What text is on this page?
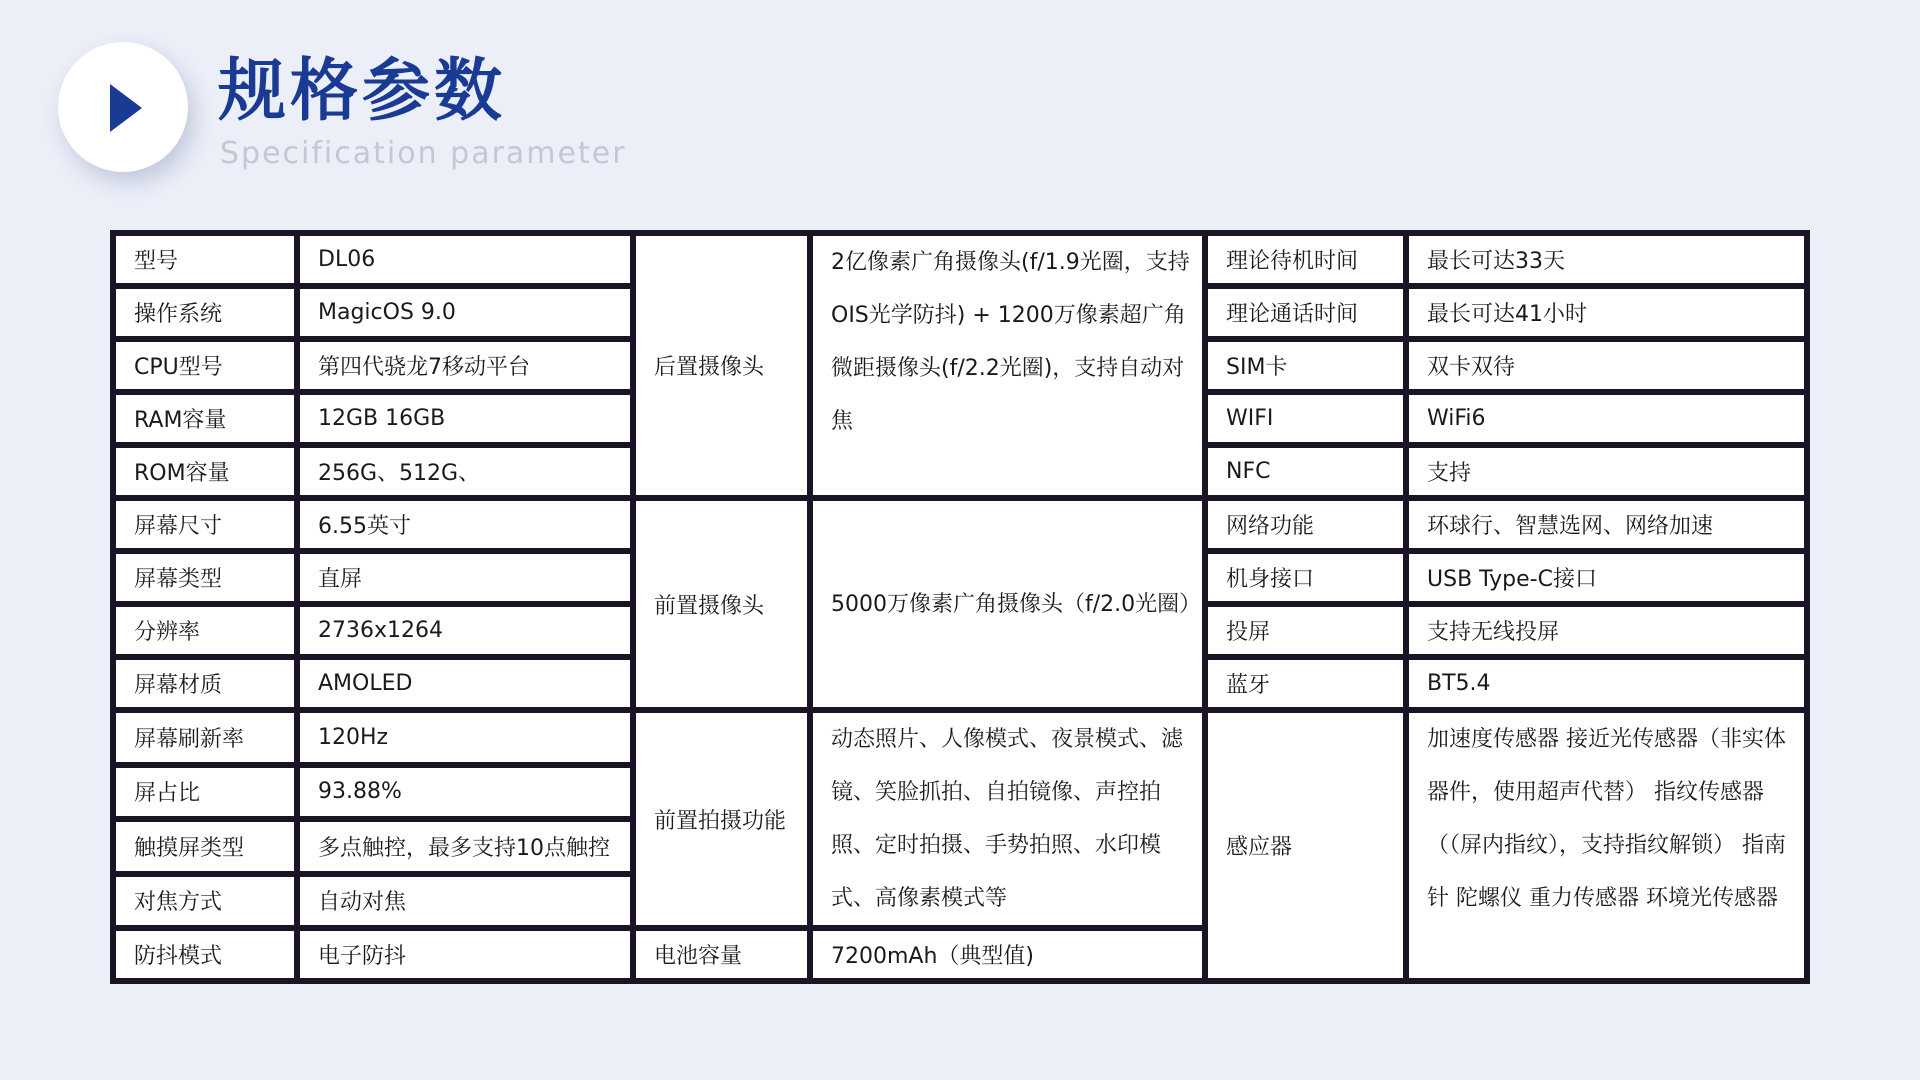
规格参数
Specification parameter
型号	DL06	后置摄像头	2亿像素广角摄像头(f/1.9光圈，支持OIS光学防抖) + 1200万像素超广角微距摄像头(f/2.2光圈)，支持自动对焦	理论待机时间	最长可达33天
操作系统	MagicOS 9.0			理论通话时间	最长可达41小时
CPU型号	第四代骁龙7移动平台			SIM卡	双卡双待
RAM容量	12GB 16GB			WIFI	WiFi6
ROM容量	256G、512G、			NFC	支持
屏幕尺寸	6.55英寸	前置摄像头	5000万像素广角摄像头（f/2.0光圈）	网络功能	环球行、智慧选网、网络加速
屏幕类型	直屏			机身接口	USB Type-C接口
分辨率	2736x1264			投屏	支持无线投屏
屏幕材质	AMOLED			蓝牙	BT5.4
屏幕刷新率	120Hz	前置拍摄功能	动态照片、人像模式、夜景模式、滤镜、笑脸抓拍、自拍镜像、声控拍照、定时拍摄、手势拍照、水印模式、高像素模式等	感应器	加速度传感器 接近光传感器（非实体器件，使用超声代替） 指纹传感器（（屏内指纹），支持指纹解锁） 指南针 陀螺仪 重力传感器 环境光传感器
屏占比	93.88%				
触摸屏类型	多点触控，最多支持10点触控				
对焦方式	自动对焦				
防抖模式	电子防抖	电池容量	7200mAh（典型值)		
